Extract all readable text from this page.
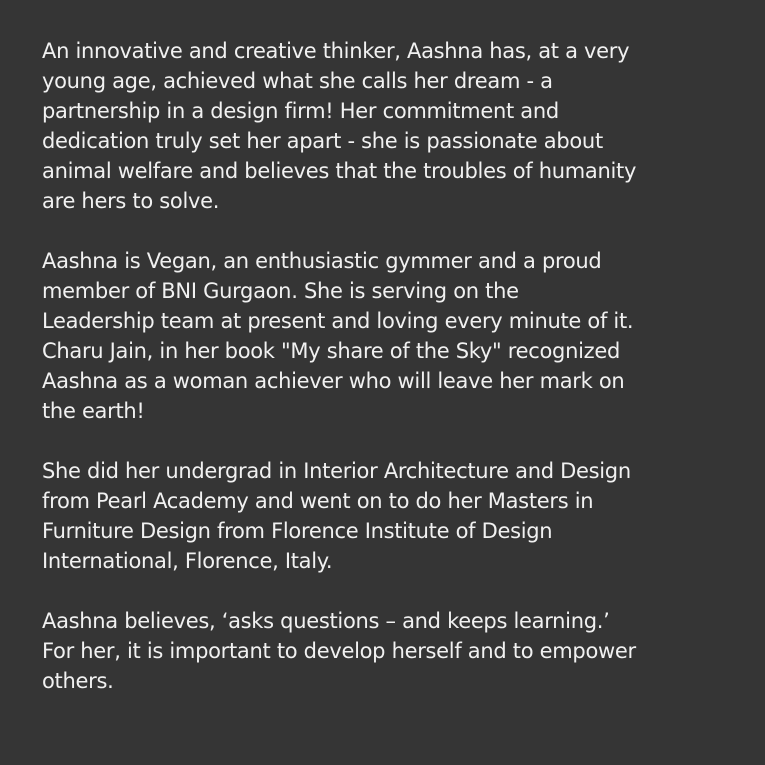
An innovative and creative thinker, Aashna has, at a very
young age, achieved what she calls her dream - a
partnership in a design firm! Her commitment and
dedication truly set her apart - she is passionate about
animal welfare and believes that the troubles of humanity
are hers to solve.

Aashna is Vegan, an enthusiastic gymmer and a proud
member of BNI Gurgaon. She is serving on the
Leadership team at present and loving every minute of it.
Charu Jain, in her book "My share of the Sky" recognized
Aashna as a woman achiever who will leave her mark on
the earth!

She did her undergrad in Interior Architecture and Design
from Pearl Academy and went on to do her Masters in
Furniture Design from Florence Institute of Design
International, Florence, Italy.

Aashna believes, ‘asks questions – and keeps learning.’
For her, it is important to develop herself and to empower
others.
